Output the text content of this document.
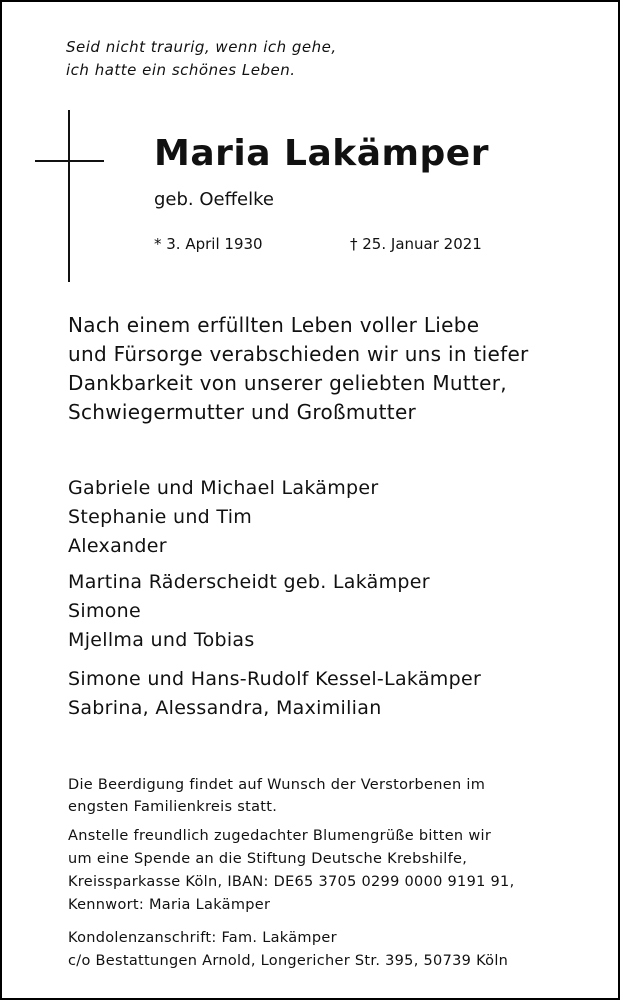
Seid nicht traurig, wenn ich gehe,
ich hatte ein schönes Leben.
Maria Lakämper
geb. Oeffelke
* 3. April 1930	† 25. Januar 2021
Nach einem erfüllten Leben voller Liebe
und Fürsorge verabschieden wir uns in tiefer
Dankbarkeit von unserer geliebten Mutter,
Schwiegermutter und Großmutter
Gabriele und Michael Lakämper
Stephanie und Tim
Alexander
Martina Räderscheidt geb. Lakämper
Simone
Mjellma und Tobias
Simone und Hans-Rudolf Kessel-Lakämper
Sabrina, Alessandra, Maximilian
Die Beerdigung findet auf Wunsch der Verstorbenen im
engsten Familienkreis statt.
Anstelle freundlich zugedachter Blumengrüße bitten wir
um eine Spende an die Stiftung Deutsche Krebshilfe,
Kreissparkasse Köln, IBAN: DE65 3705 0299 0000 9191 91,
Kennwort: Maria Lakämper
Kondolenzanschrift: Fam. Lakämper
c/o Bestattungen Arnold, Longericher Str. 395, 50739 Köln
